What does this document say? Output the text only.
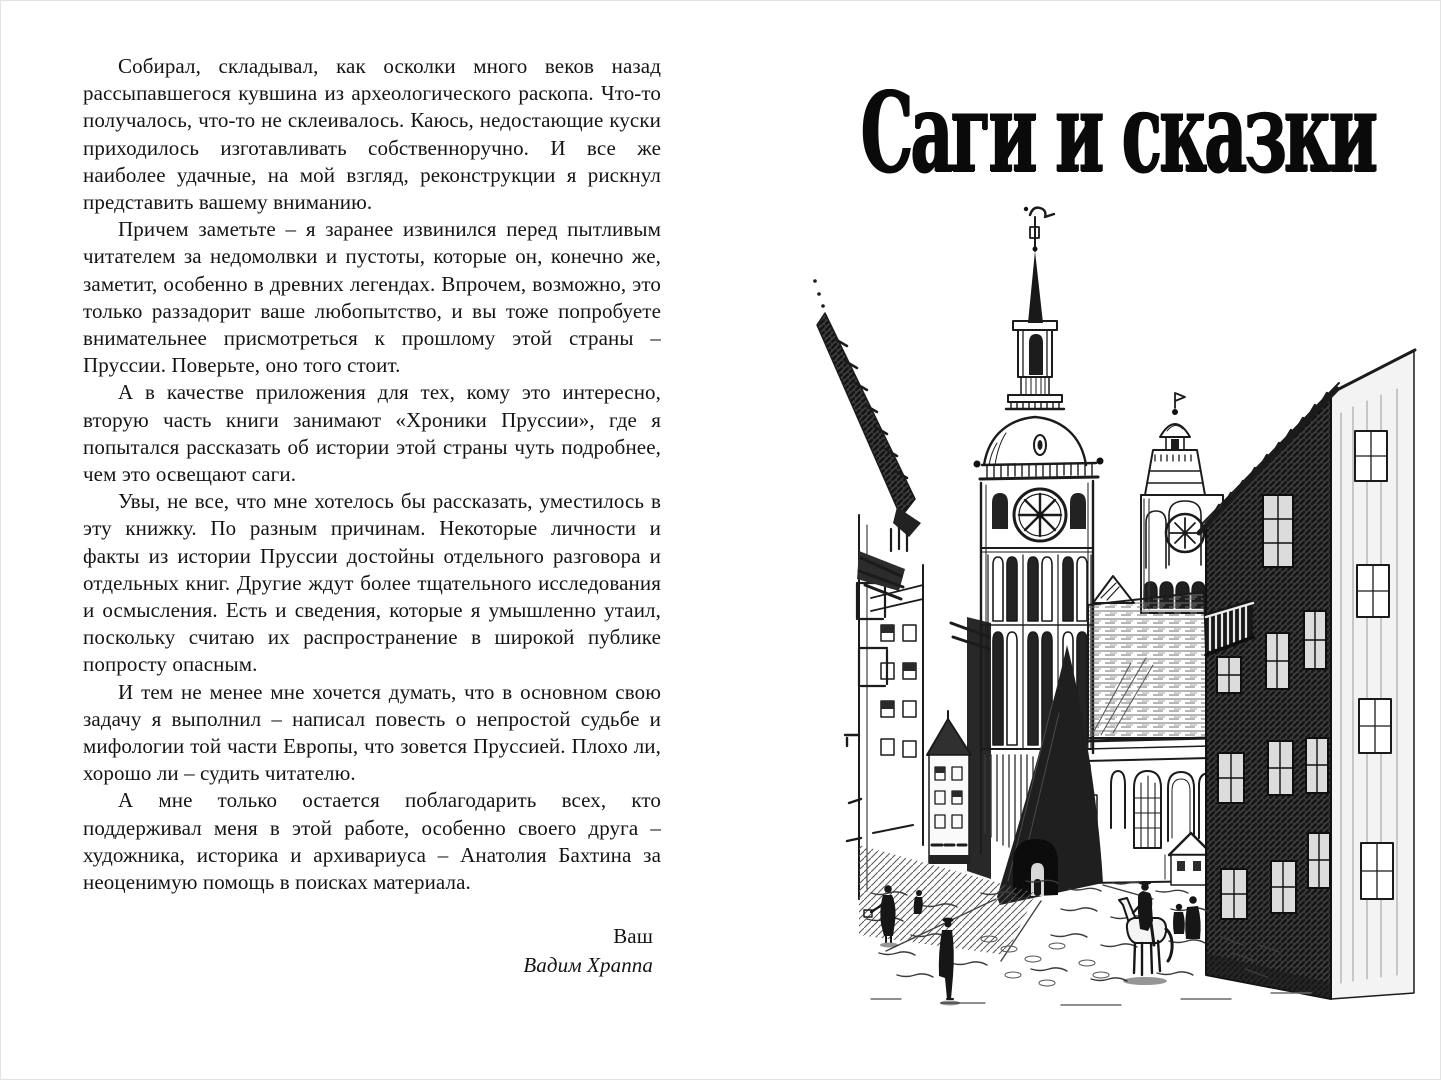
Собирал, складывал, как осколки много веков назад рассыпавшегося кувшина из археологического раскопа. Что-то получалось, что-то не склеивалось. Каюсь, недостающие куски приходилось изготавливать собственноручно. И все же наиболее удачные, на мой взгляд, реконструкции я рискнул представить вашему вниманию.

Причем заметьте – я заранее извинился перед пытливым читателем за недомолвки и пустоты, которые он, конечно же, заметит, особенно в древних легендах. Впрочем, возможно, это только раззадорит ваше любопытство, и вы тоже попробуете внимательнее присмотреться к прошлому этой страны – Пруссии. Поверьте, оно того стоит.

А в качестве приложения для тех, кому это интересно, вторую часть книги занимают «Хроники Пруссии», где я попытался рассказать об истории этой страны чуть подробнее, чем это освещают саги.

Увы, не все, что мне хотелось бы рассказать, уместилось в эту книжку. По разным причинам. Некоторые личности и факты из истории Пруссии достойны отдельного разговора и отдельных книг. Другие ждут более тщательного исследования и осмысления. Есть и сведения, которые я умышленно утаил, поскольку считаю их распространение в широкой публике попросту опасным.

И тем не менее мне хочется думать, что в основном свою задачу я выполнил – написал повесть о непростой судьбе и мифологии той части Европы, что зовется Пруссией. Плохо ли, хорошо ли – судить читателю.

А мне только остается поблагодарить всех, кто поддерживал меня в этой работе, особенно своего друга – художника, историка и архивариуса – Анатолия Бахтина за неоценимую помощь в поисках материала.

Ваш
Вадим Храппа
Саги и сказки
